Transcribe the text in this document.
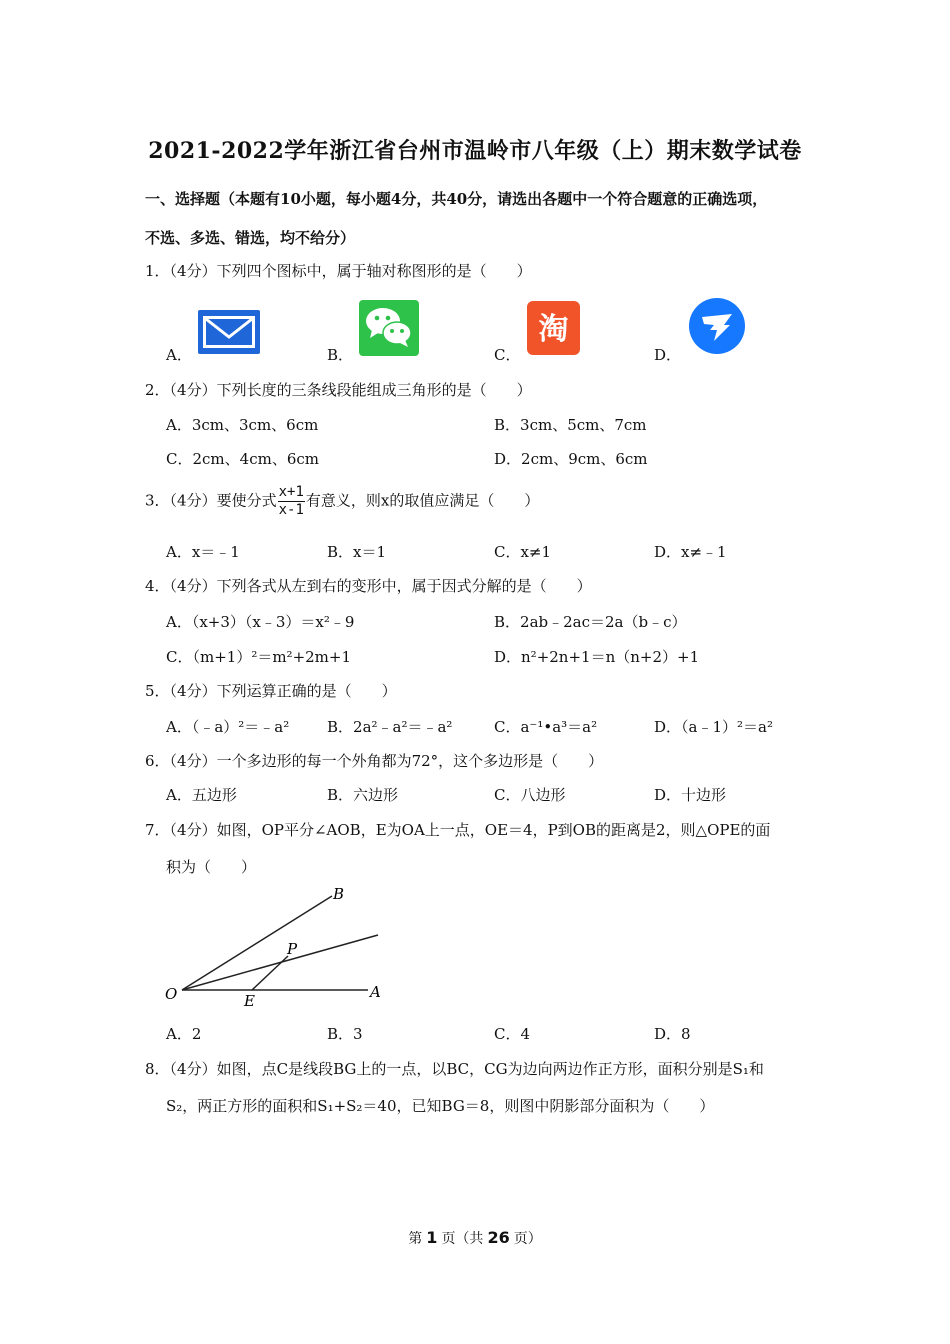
2021-2022学年浙江省台州市温岭市八年级（上）期末数学试卷
一、选择题（本题有10小题，每小题4分，共40分，请选出各题中一个符合题意的正确选项，
不选、多选、错选，均不给分）
1．（4分）下列四个图标中，属于轴对称图形的是（　　）
A．	B．	C．	D．
淘
2．（4分）下列长度的三条线段能组成三角形的是（　　）
A．3cm、3cm、6cm	B．3cm、5cm、7cm
C．2cm、4cm、6cm	D．2cm、9cm、6cm
3．（4分）要使分式 $\frac{x+1}{x-1}$ 有意义，则x的取值应满足（　　）
A．x＝﹣1	B．x＝1	C．x≠1	D．x≠﹣1
4．（4分）下列各式从左到右的变形中，属于因式分解的是（　　）
A．（x+3）（x﹣3）＝x²﹣9	B．2ab﹣2ac＝2a（b﹣c）
C．（m+1）²＝m²+2m+1	D．n²+2n+1＝n（n+2）+1
5．（4分）下列运算正确的是（　　）
A．（﹣a）²＝﹣a²	B．2a²﹣a²＝﹣a²	C．a⁻¹•a³＝a²	D．（a﹣1）²＝a²
6．（4分）一个多边形的每一个外角都为72°，这个多边形是（　　）
A．五边形	B．六边形	C．八边形	D．十边形
7．（4分）如图，OP平分∠AOB，E为OA上一点，OE＝4，P到OB的距离是2，则△OPE的面
积为（　　）
B
P
O	E	A
A．2	B．3	C．4	D．8
8．（4分）如图，点C是线段BG上的一点，以BC，CG为边向两边作正方形，面积分别是S₁和
S₂，两正方形的面积和S₁+S₂＝40，已知BG＝8，则图中阴影部分面积为（　　）
第 1 页（共 26 页）
